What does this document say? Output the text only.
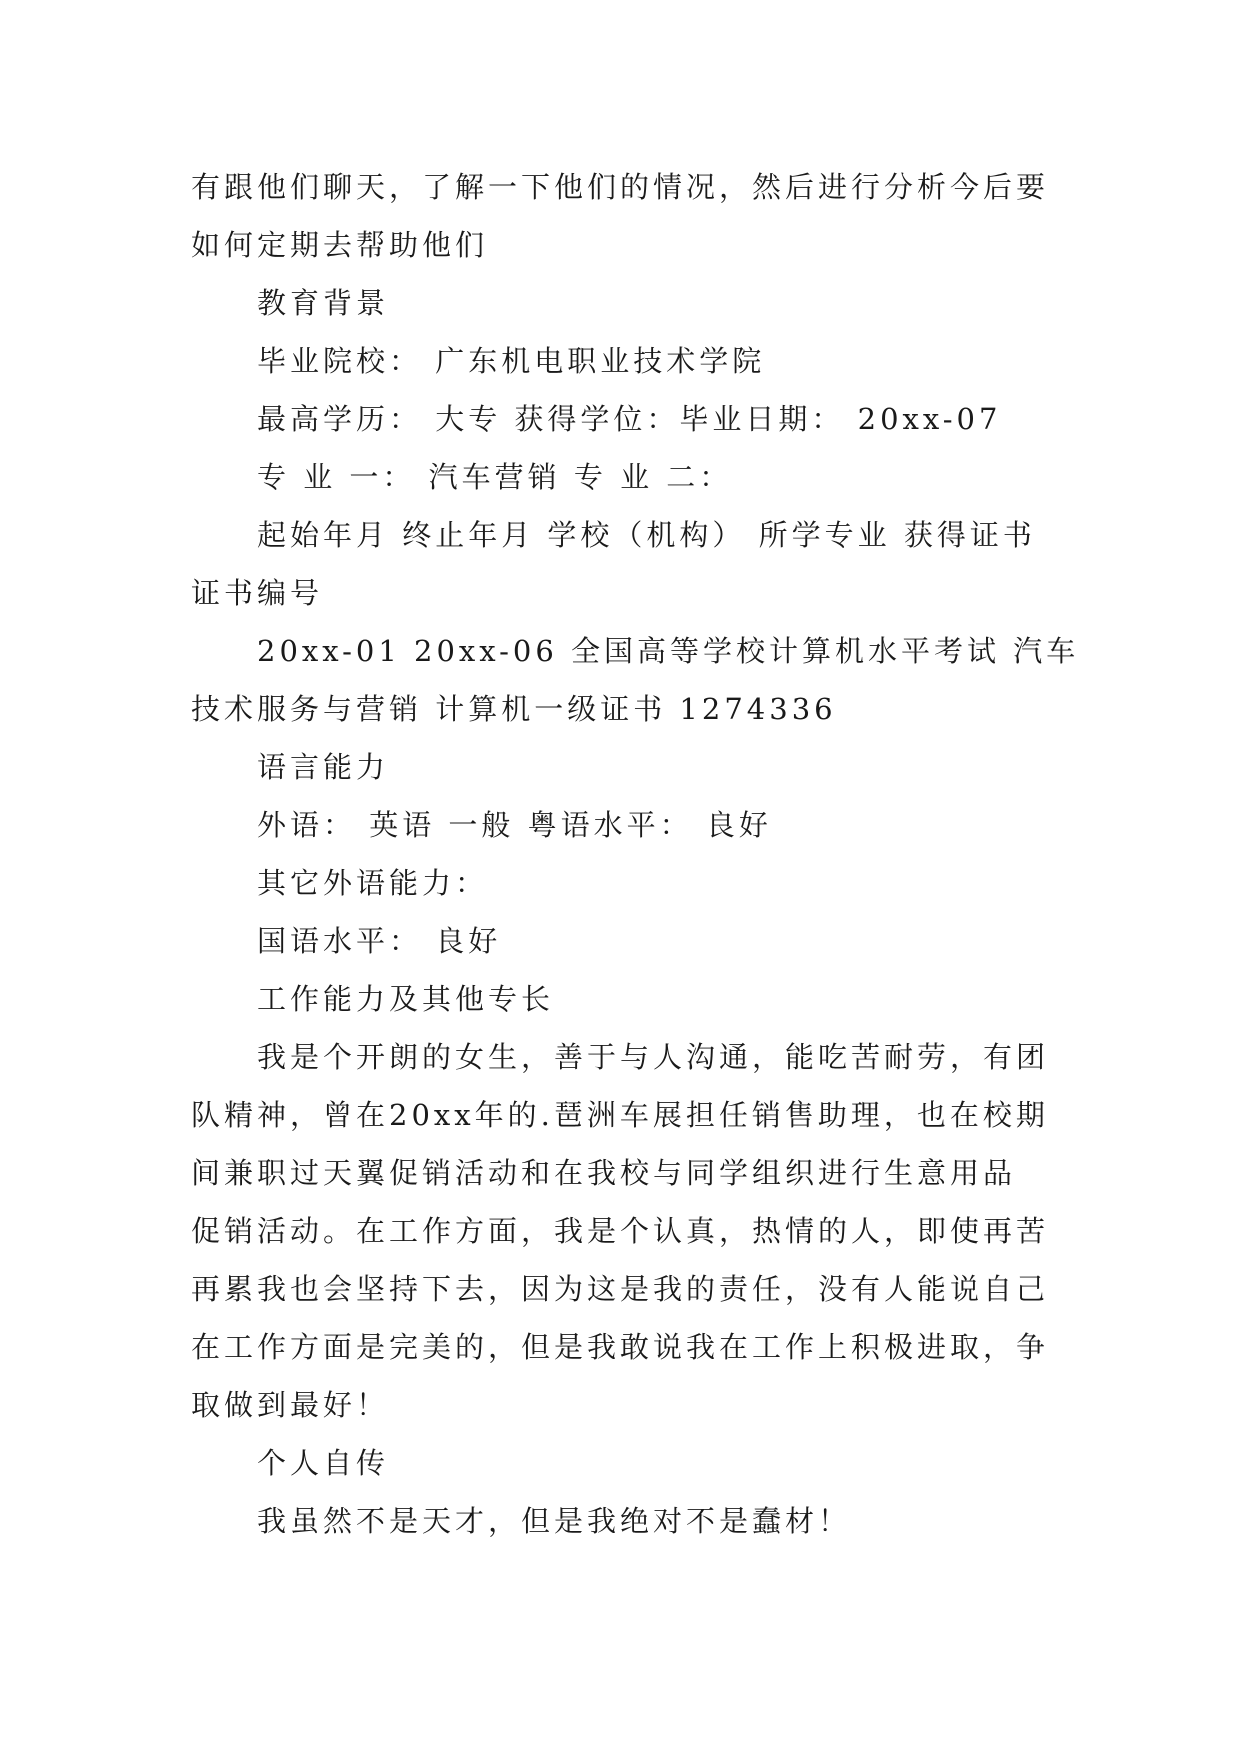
有跟他们聊天，了解一下他们的情况，然后进行分析今后要
如何定期去帮助他们
教育背景
毕业院校： 广东机电职业技术学院
最高学历： 大专 获得学位：毕业日期： 20xx-07
专 业 一： 汽车营销 专 业 二：
起始年月 终止年月 学校（机构） 所学专业 获得证书
证书编号
20xx-01 20xx-06 全国高等学校计算机水平考试 汽车
技术服务与营销 计算机一级证书 1274336
语言能力
外语： 英语 一般 粤语水平： 良好
其它外语能力：
国语水平： 良好
工作能力及其他专长
我是个开朗的女生，善于与人沟通，能吃苦耐劳，有团
队精神，曾在20xx年的.琶洲车展担任销售助理，也在校期
间兼职过天翼促销活动和在我校与同学组织进行生意用品
促销活动。在工作方面，我是个认真，热情的人，即使再苦
再累我也会坚持下去，因为这是我的责任，没有人能说自己
在工作方面是完美的，但是我敢说我在工作上积极进取，争
取做到最好！
个人自传
我虽然不是天才，但是我绝对不是蠢材！
